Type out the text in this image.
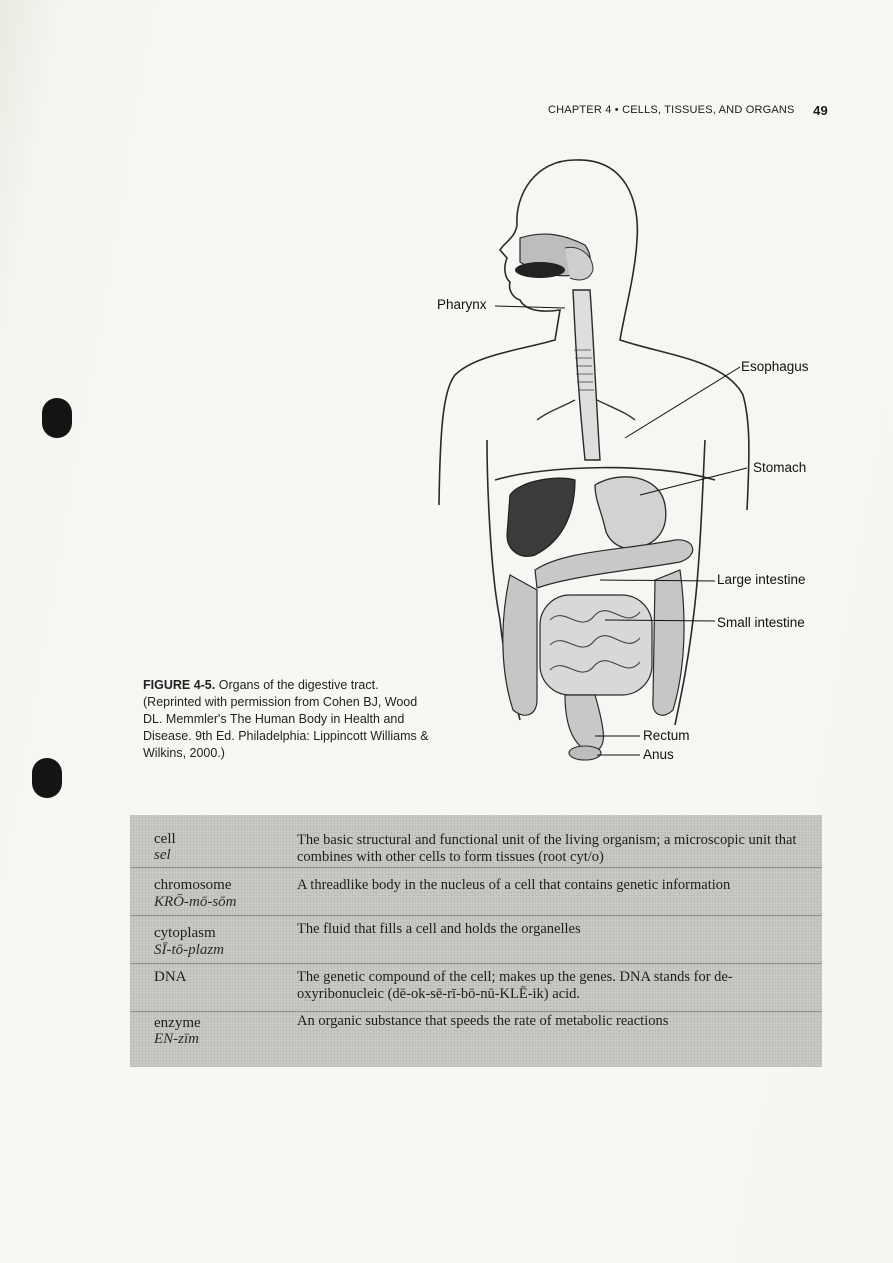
CHAPTER 4 • CELLS, TISSUES, AND ORGANS 49
Pharynx
Esophagus
Stomach
Large intestine
Small intestine
Rectum
Anus
FIGURE 4-5. Organs of the digestive tract. (Reprinted with permission from Cohen BJ, Wood DL. Memmler's The Human Body in Health and Disease. 9th Ed. Philadelphia: Lippincott Williams & Wilkins, 2000.)
cell
sel
The basic structural and functional unit of the living organism; a microscopic unit that combines with other cells to form tissues (root cyt/o)
chromosome
KRŌ-mō-sōm
A threadlike body in the nucleus of a cell that contains genetic information
cytoplasm
SĪ-tō-plazm
The fluid that fills a cell and holds the organelles
DNA	The genetic compound of the cell; makes up the genes. DNA stands for de-oxyribonucleic (dē-ok-sē-rī-bō-nū-KLĒ-ik) acid.
enzyme
EN-zīm
An organic substance that speeds the rate of metabolic reactions
